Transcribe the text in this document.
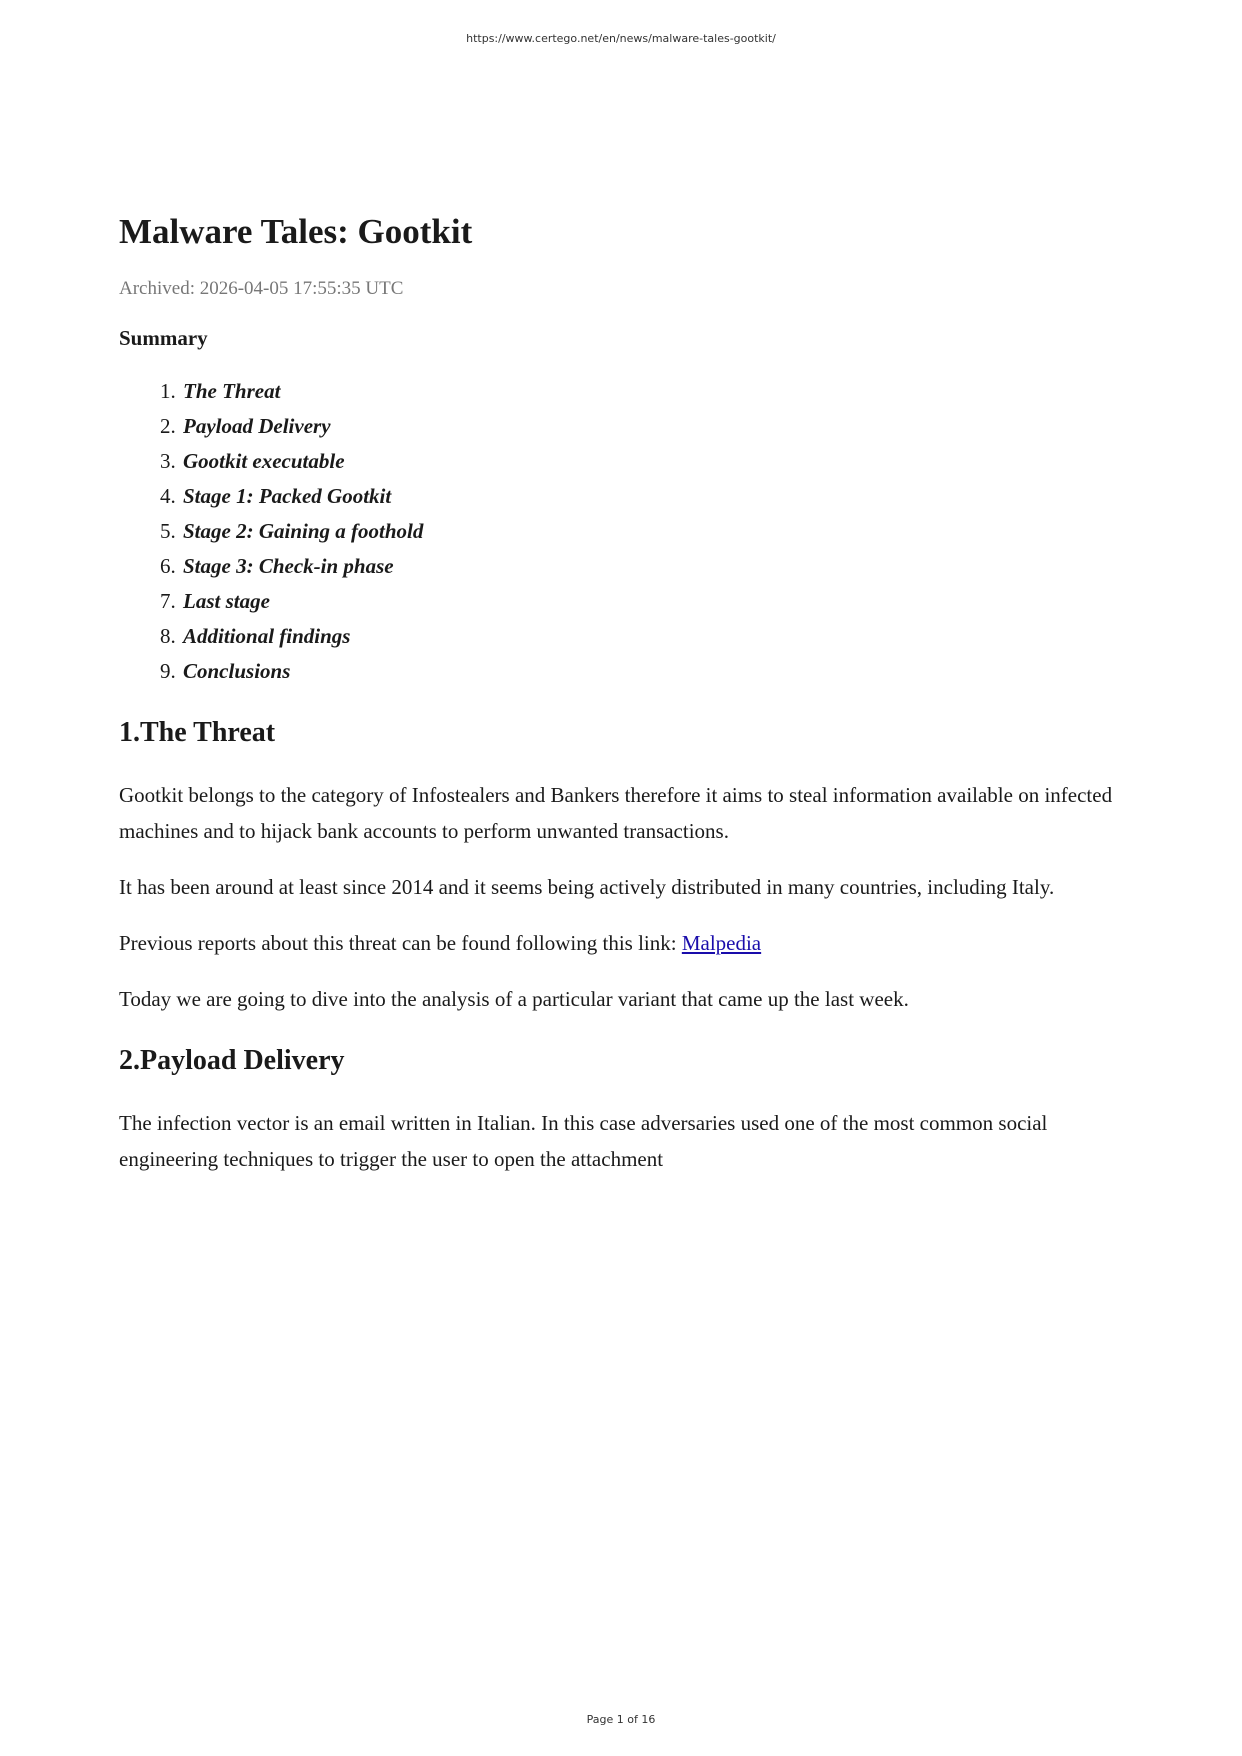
https://www.certego.net/en/news/malware-tales-gootkit/
Malware Tales: Gootkit
Archived: 2026-04-05 17:55:35 UTC
Summary
1. The Threat
2. Payload Delivery
3. Gootkit executable
4. Stage 1: Packed Gootkit
5. Stage 2: Gaining a foothold
6. Stage 3: Check-in phase
7. Last stage
8. Additional findings
9. Conclusions
1.The Threat

Gootkit belongs to the category of Infostealers and Bankers therefore it aims to steal information available on infected machines and to hijack bank accounts to perform unwanted transactions.

It has been around at least since 2014 and it seems being actively distributed in many countries, including Italy.

Previous reports about this threat can be found following this link: Malpedia

Today we are going to dive into the analysis of a particular variant that came up the last week.

2.Payload Delivery

The infection vector is an email written in Italian. In this case adversaries used one of the most common social engineering techniques to trigger the user to open the attachment

Page 1 of 16
